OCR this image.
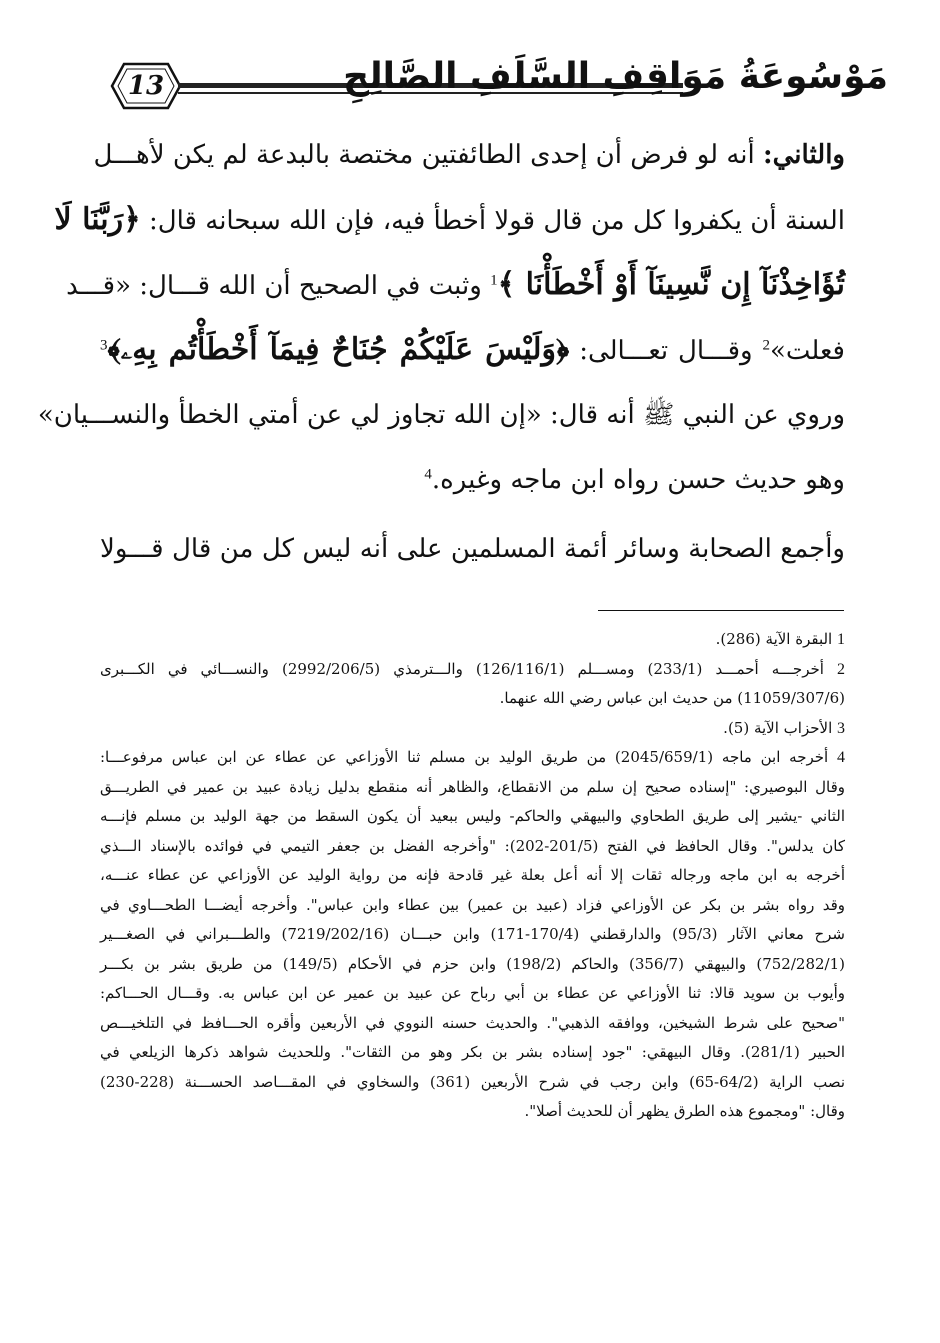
13	مَوْسُوعَةُ مَوَاقِفِ السَّلَفِ الصَّالِحِ
والثاني: أنه لو فرض أن إحدى الطائفتين مختصة بالبدعة لم يكن لأهـــل
السنة أن يكفروا كل من قال قولا أخطأ فيه، فإن الله سبحانه قال: ﴿رَبَّنَا لَا
تُؤَاخِذْنَآ إِن نَّسِينَآ أَوْ أَخْطَأْنَا ﴾$^1$ وثبت في الصحيح أن الله قـــال: «قـــد
فعلت»$^2$ وقـــال تعـــالى: ﴿وَلَيْسَ عَلَيْكُمْ جُنَاحٌ فِيمَآ أَخْطَأْتُم بِهِۦ﴾$^3$
وروي عن النبي ﷺ أنه قال: «إن الله تجاوز لي عن أمتي الخطأ والنســـيان»
وهو حديث حسن رواه ابن ماجه وغيره.$^4$
وأجمع الصحابة وسائر أئمة المسلمين على أنه ليس كل من قال قـــولا
1 البقرة الآية (286).
2 أخرجـــه أحمـــد (233/1) ومســـلم (126/116/1) والـــترمذي (2992/206/5) والنســـائي في الكـــبرى
(11059/307/6) من حديث ابن عباس رضي الله عنهما.
3 الأحزاب الآية (5).
4 أخرجه ابن ماجه (2045/659/1) من طريق الوليد بن مسلم ثنا الأوزاعي عن عطاء عن ابن عباس مرفوعـــا:
وقال البوصيري: "إسناده صحيح إن سلم من الانقطاع، والظاهر أنه منقطع بدليل زيادة عبيد بن عمير في الطريـــق
الثاني -يشير إلى طريق الطحاوي والبيهقي والحاكم- وليس ببعيد أن يكون السقط من جهة الوليد بن مسلم فإنـــه
كان يدلس". وقال الحافظ في الفتح (201/5-202): "وأخرجه الفضل بن جعفر التيمي في فوائده بالإسناد الـــذي
أخرجه به ابن ماجه ورجاله ثقات إلا أنه أعل بعلة غير قادحة فإنه من رواية الوليد عن الأوزاعي عن عطاء عنـــه،
وقد رواه بشر بن بكر عن الأوزاعي فزاد (عبيد بن عمير) بين عطاء وابن عباس". وأخرجه أيضـــا الطحـــاوي في
شرح معاني الآثار (95/3) والدارقطني (170/4-171) وابن حبـــان (7219/202/16) والطـــبراني في الصغـــير
(752/282/1) والبيهقي (356/7) والحاكم (198/2) وابن حزم في الأحكام (149/5) من طريق بشر بن بكـــر
وأيوب بن سويد قالا: ثنا الأوزاعي عن عطاء بن أبي رباح عن عبيد بن عمير عن ابن عباس به. وقـــال الحـــاكم:
"صحيح على شرط الشيخين، ووافقه الذهبي". والحديث حسنه النووي في الأربعين وأقره الحـــافظ في التلخيـــص
الحبير (281/1). وقال البيهقي: "جود إسناده بشر بن بكر وهو من الثقات". وللحديث شواهد ذكرها الزيلعي في
نصب الراية (64/2-65) وابن رجب في شرح الأربعين (361) والسخاوي في المقـــاصد الحســـنة (228-230)
وقال: "ومجموع هذه الطرق يظهر أن للحديث أصلا".
